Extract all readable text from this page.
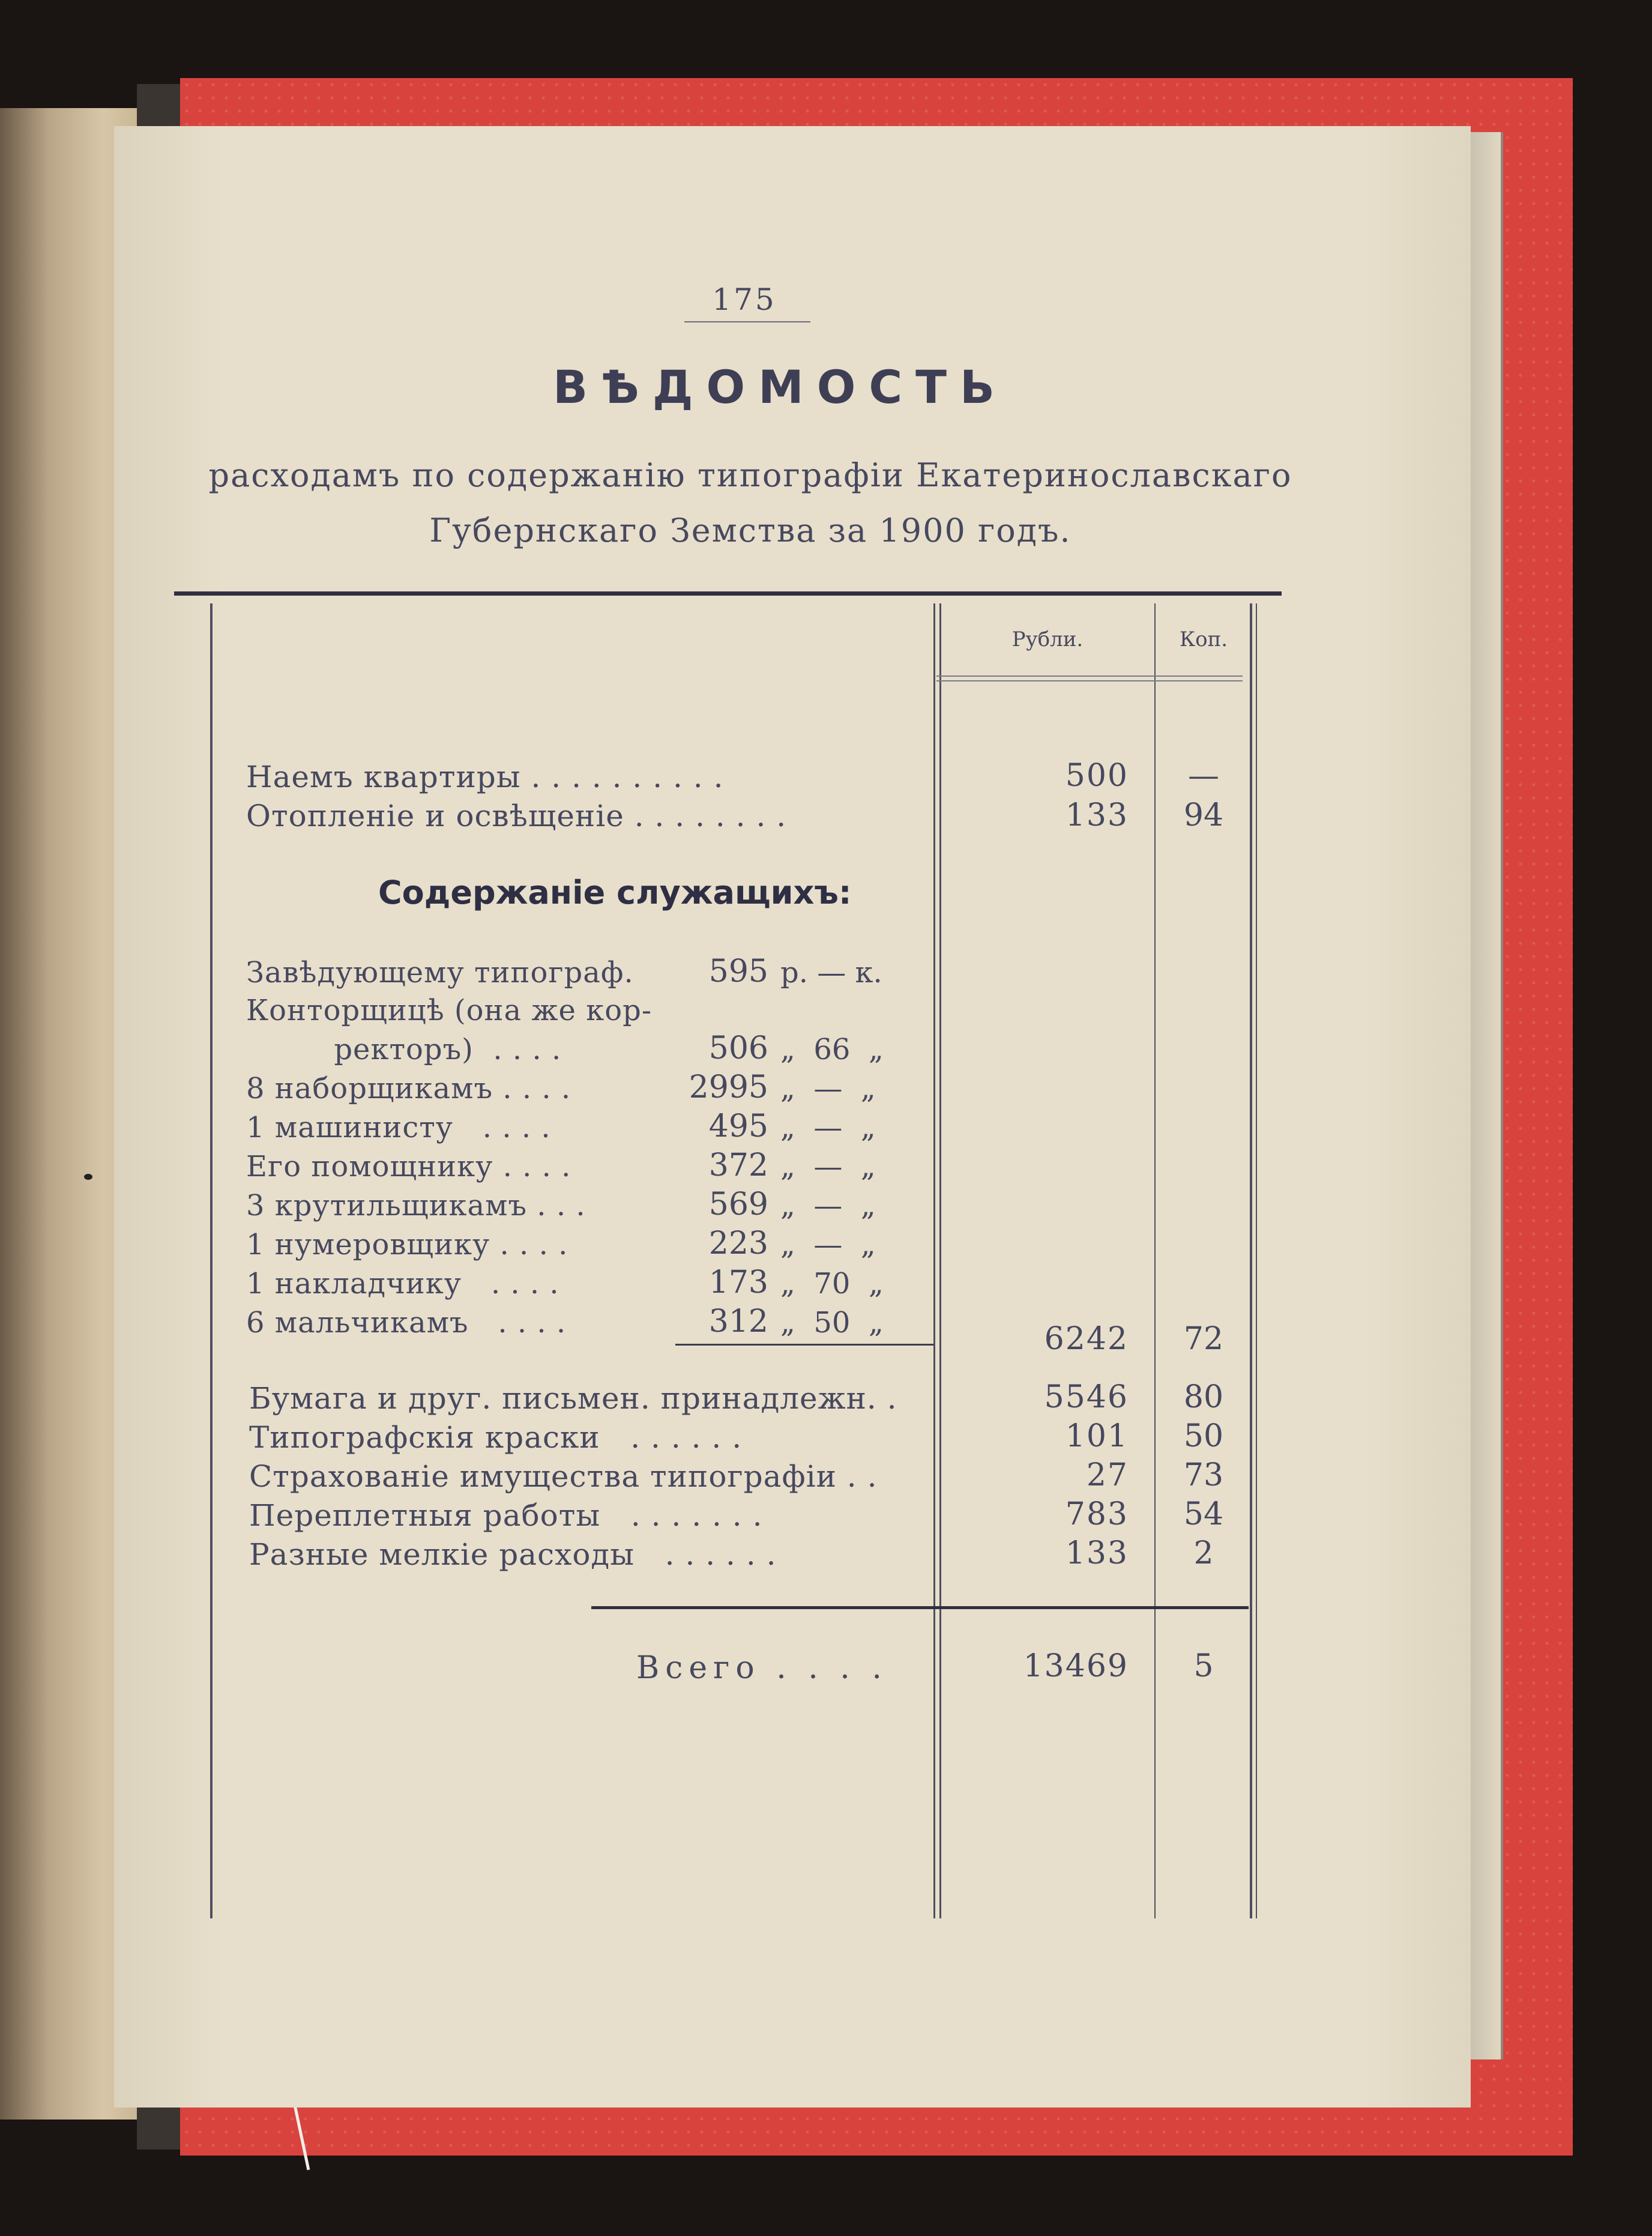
175
ВѢДОМОСТЬ
расходамъ по содержанію типографіи Екатеринославскаго
Губернскаго Земства за 1900 годъ.
Рубли.	Коп.
Наемъ квартиры . . . . . . . . . .	500	—
Отопленіе и освѣщеніе . . . . . . . .	133	94
Содержаніе служащихъ:
Завѣдующему типограф.	595 р. — к.
Конторщицѣ (она же кор-
ректоръ)  . . . .	506 „  66  „
8 наборщикамъ . . . .	2995 „  —  „
1 машинисту   . . . .	495 „  —  „
Его помощнику . . . .	372 „  —  „
3 крутильщикамъ . . .	569 „  —  „
1 нумеровщику . . . .	223 „  —  „
1 накладчику   . . . .	173 „  70  „
6 мальчикамъ   . . . .	312 „  50  „	6242	72
Бумага и друг. письмен. принадлежн. .	5546	80
Типографскія краски   . . . . . .	101	50
Страхованіе имущества типографіи . .	27	73
Переплетныя работы   . . . . . . .	783	54
Разные мелкіе расходы   . . . . . .	133	2
Всего . . . .	13469	5
